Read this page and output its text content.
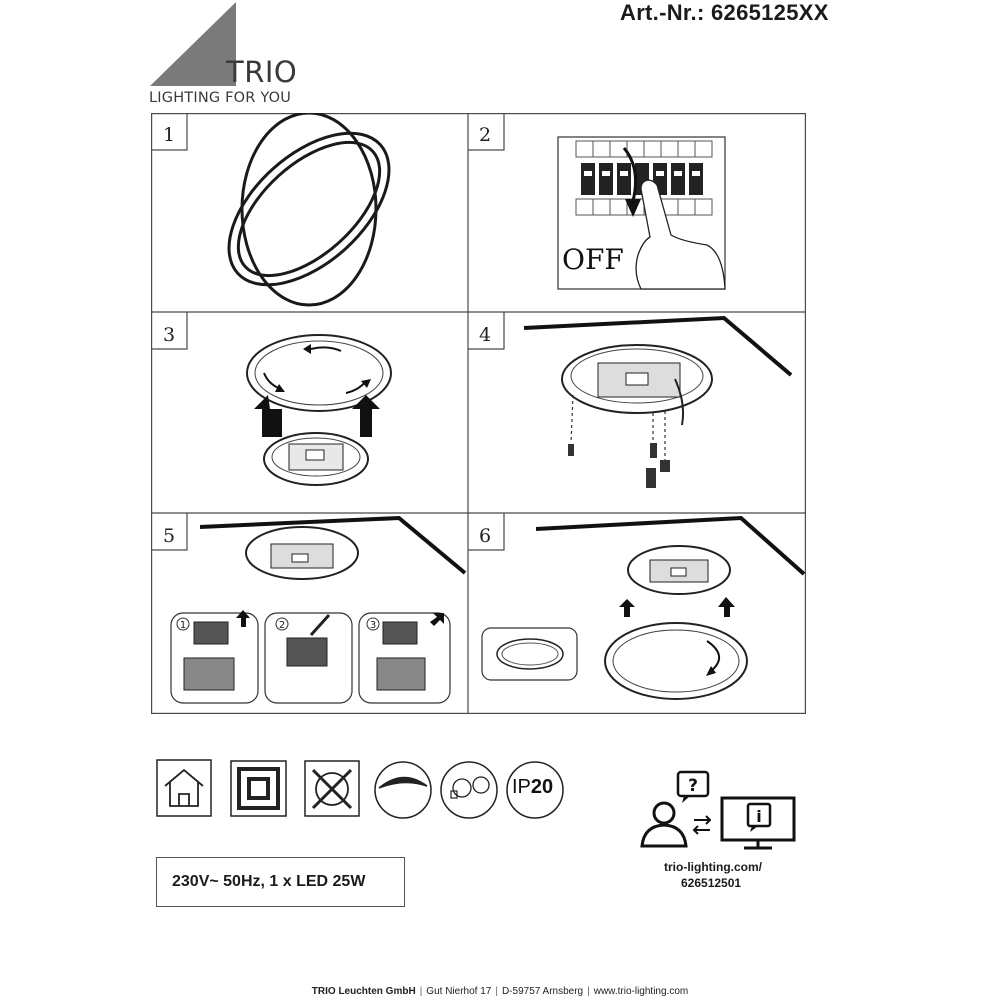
Art.-Nr.: 6265125XX
TRIO
LIGHTING FOR YOU
1	2	3
1	2
3	4
5	6
OFF
IP20
230V~ 50Hz, 1 x LED 25W
?
i
trio-lighting.com/
626512501
TRIO Leuchten GmbH | Gut Nierhof 17 | D-59757 Arnsberg | www.trio-lighting.com
